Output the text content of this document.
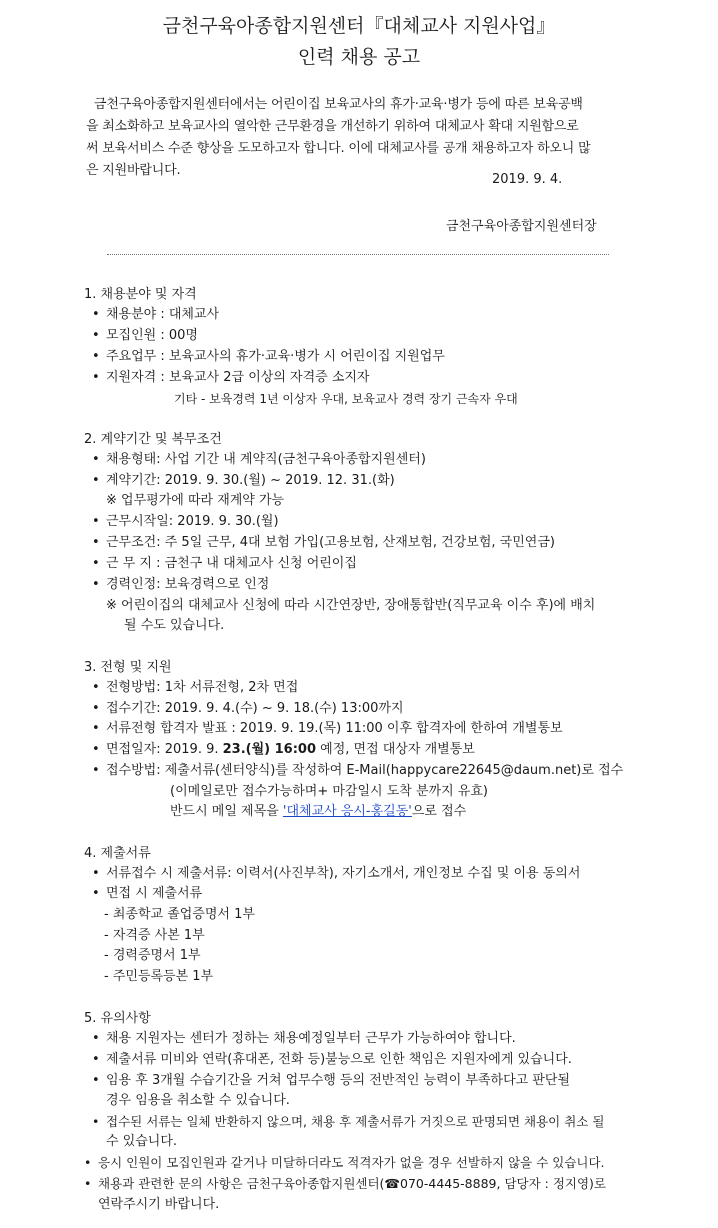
금천구육아종합지원센터『대체교사 지원사업』
인력 채용 공고
금천구육아종합지원센터에서는 어린이집 보육교사의 휴가·교육·병가 등에 따른 보육공백
을 최소화하고 보육교사의 열악한 근무환경을 개선하기 위하여 대체교사 확대 지원함으로
써 보육서비스 수준 향상을 도모하고자 합니다. 이에 대체교사를 공개 채용하고자 하오니 많
은 지원바랍니다.
2019. 9. 4.
금천구육아종합지원센터장
1. 채용분야 및 자격
• 채용분야 : 대체교사
• 모집인원 : 00명
• 주요업무 : 보육교사의 휴가·교육·병가 시 어린이집 지원업무
• 지원자격 : 보육교사 2급 이상의 자격증 소지자
기타 - 보육경력 1년 이상자 우대, 보육교사 경력 장기 근속자 우대
2. 계약기간 및 복무조건
• 채용형태: 사업 기간 내 계약직(금천구육아종합지원센터)
• 계약기간: 2019. 9. 30.(월) ~ 2019. 12. 31.(화)
※ 업무평가에 따라 재계약 가능
• 근무시작일: 2019. 9. 30.(월)
• 근무조건: 주 5일 근무, 4대 보험 가입(고용보험, 산재보험, 건강보험, 국민연금)
• 근 무 지 : 금천구 내 대체교사 신청 어린이집
• 경력인정: 보육경력으로 인정
※ 어린이집의 대체교사 신청에 따라 시간연장반, 장애통합반(직무교육 이수 후)에 배치
될 수도 있습니다.
3. 전형 및 지원
• 전형방법: 1차 서류전형, 2차 면접
• 접수기간: 2019. 9. 4.(수) ~ 9. 18.(수) 13:00까지
• 서류전형 합격자 발표 : 2019. 9. 19.(목) 11:00 이후 합격자에 한하여 개별통보
• 면접일자: 2019. 9. 23.(월) 16:00 예정, 면접 대상자 개별통보
• 접수방법: 제출서류(센터양식)를 작성하여 E-Mail(happycare22645@daum.net)로 접수
(이메일로만 접수가능하며+ 마감일시 도착 분까지 유효)
반드시 메일 제목을 '대체교사 응시-홍길동'으로 접수
4. 제출서류
• 서류접수 시 제출서류: 이력서(사진부착), 자기소개서, 개인정보 수집 및 이용 동의서
• 면접 시 제출서류
- 최종학교 졸업증명서 1부
- 자격증 사본 1부
- 경력증명서 1부
- 주민등록등본 1부
5. 유의사항
• 채용 지원자는 센터가 정하는 채용예정일부터 근무가 가능하여야 합니다.
• 제출서류 미비와 연락(휴대폰, 전화 등)불능으로 인한 책임은 지원자에게 있습니다.
• 임용 후 3개월 수습기간을 거쳐 업무수행 등의 전반적인 능력이 부족하다고 판단될
경우 임용을 취소할 수 있습니다.
• 접수된 서류는 일체 반환하지 않으며, 채용 후 제출서류가 거짓으로 판명되면 채용이 취소 될
수 있습니다.
• 응시 인원이 모집인원과 같거나 미달하더라도 적격자가 없을 경우 선발하지 않을 수 있습니다.
• 채용과 관련한 문의 사항은 금천구육아종합지원센터(☎070-4445-8889, 담당자 : 정지영)로
연락주시기 바랍니다.
